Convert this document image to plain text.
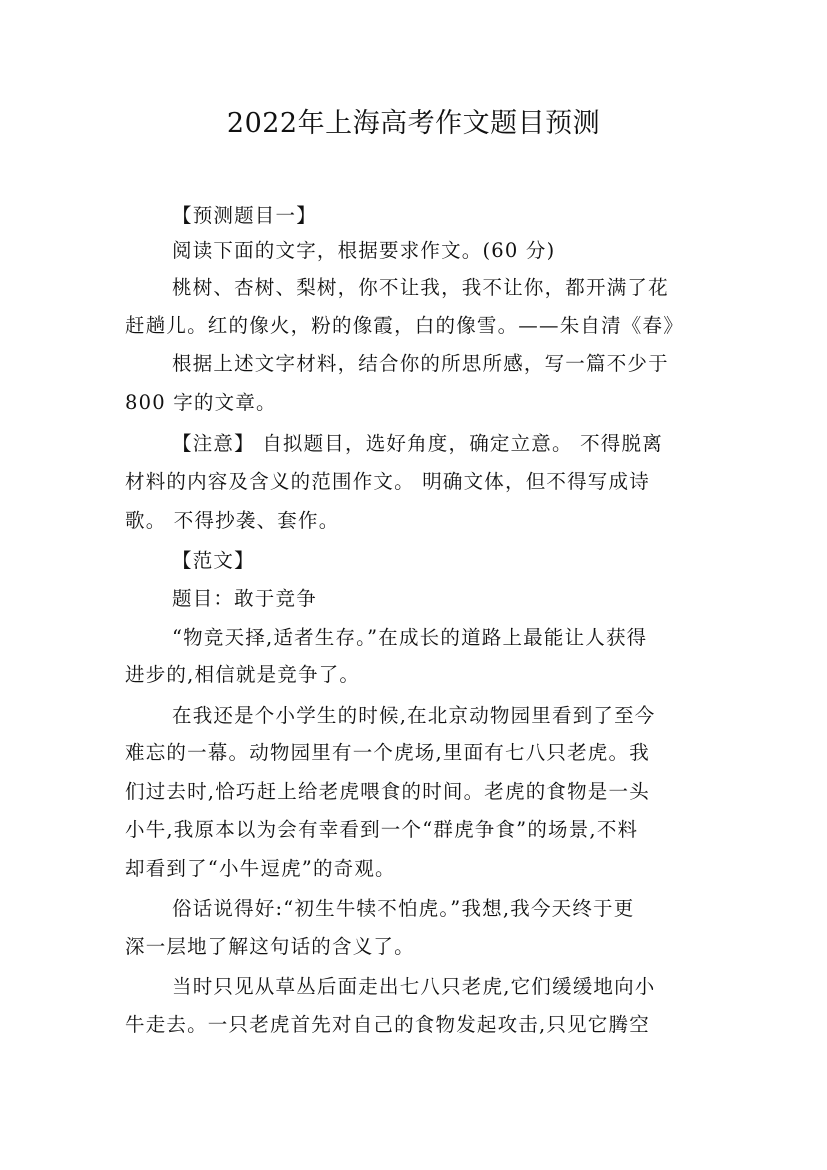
2022年上海高考作文题目预测
【预测题目一】
阅读下面的文字，根据要求作文。(60 分)
桃树、杏树、梨树，你不让我，我不让你，都开满了花
赶趟儿。红的像火，粉的像霞，白的像雪。——朱自清《春》
根据上述文字材料，结合你的所思所感，写一篇不少于
800 字的文章。
【注意】 自拟题目，选好角度，确定立意。 不得脱离
材料的内容及含义的范围作文。 明确文体，但不得写成诗
歌。 不得抄袭、套作。
【范文】
题目：敢于竞争
“物竞天择,适者生存。”在成长的道路上最能让人获得
进步的,相信就是竞争了。
在我还是个小学生的时候,在北京动物园里看到了至今
难忘的一幕。动物园里有一个虎场,里面有七八只老虎。我
们过去时,恰巧赶上给老虎喂食的时间。老虎的食物是一头
小牛,我原本以为会有幸看到一个“群虎争食”的场景,不料
却看到了“小牛逗虎”的奇观。
俗话说得好:“初生牛犊不怕虎。”我想,我今天终于更
深一层地了解这句话的含义了。
当时只见从草丛后面走出七八只老虎,它们缓缓地向小
牛走去。一只老虎首先对自己的食物发起攻击,只见它腾空
